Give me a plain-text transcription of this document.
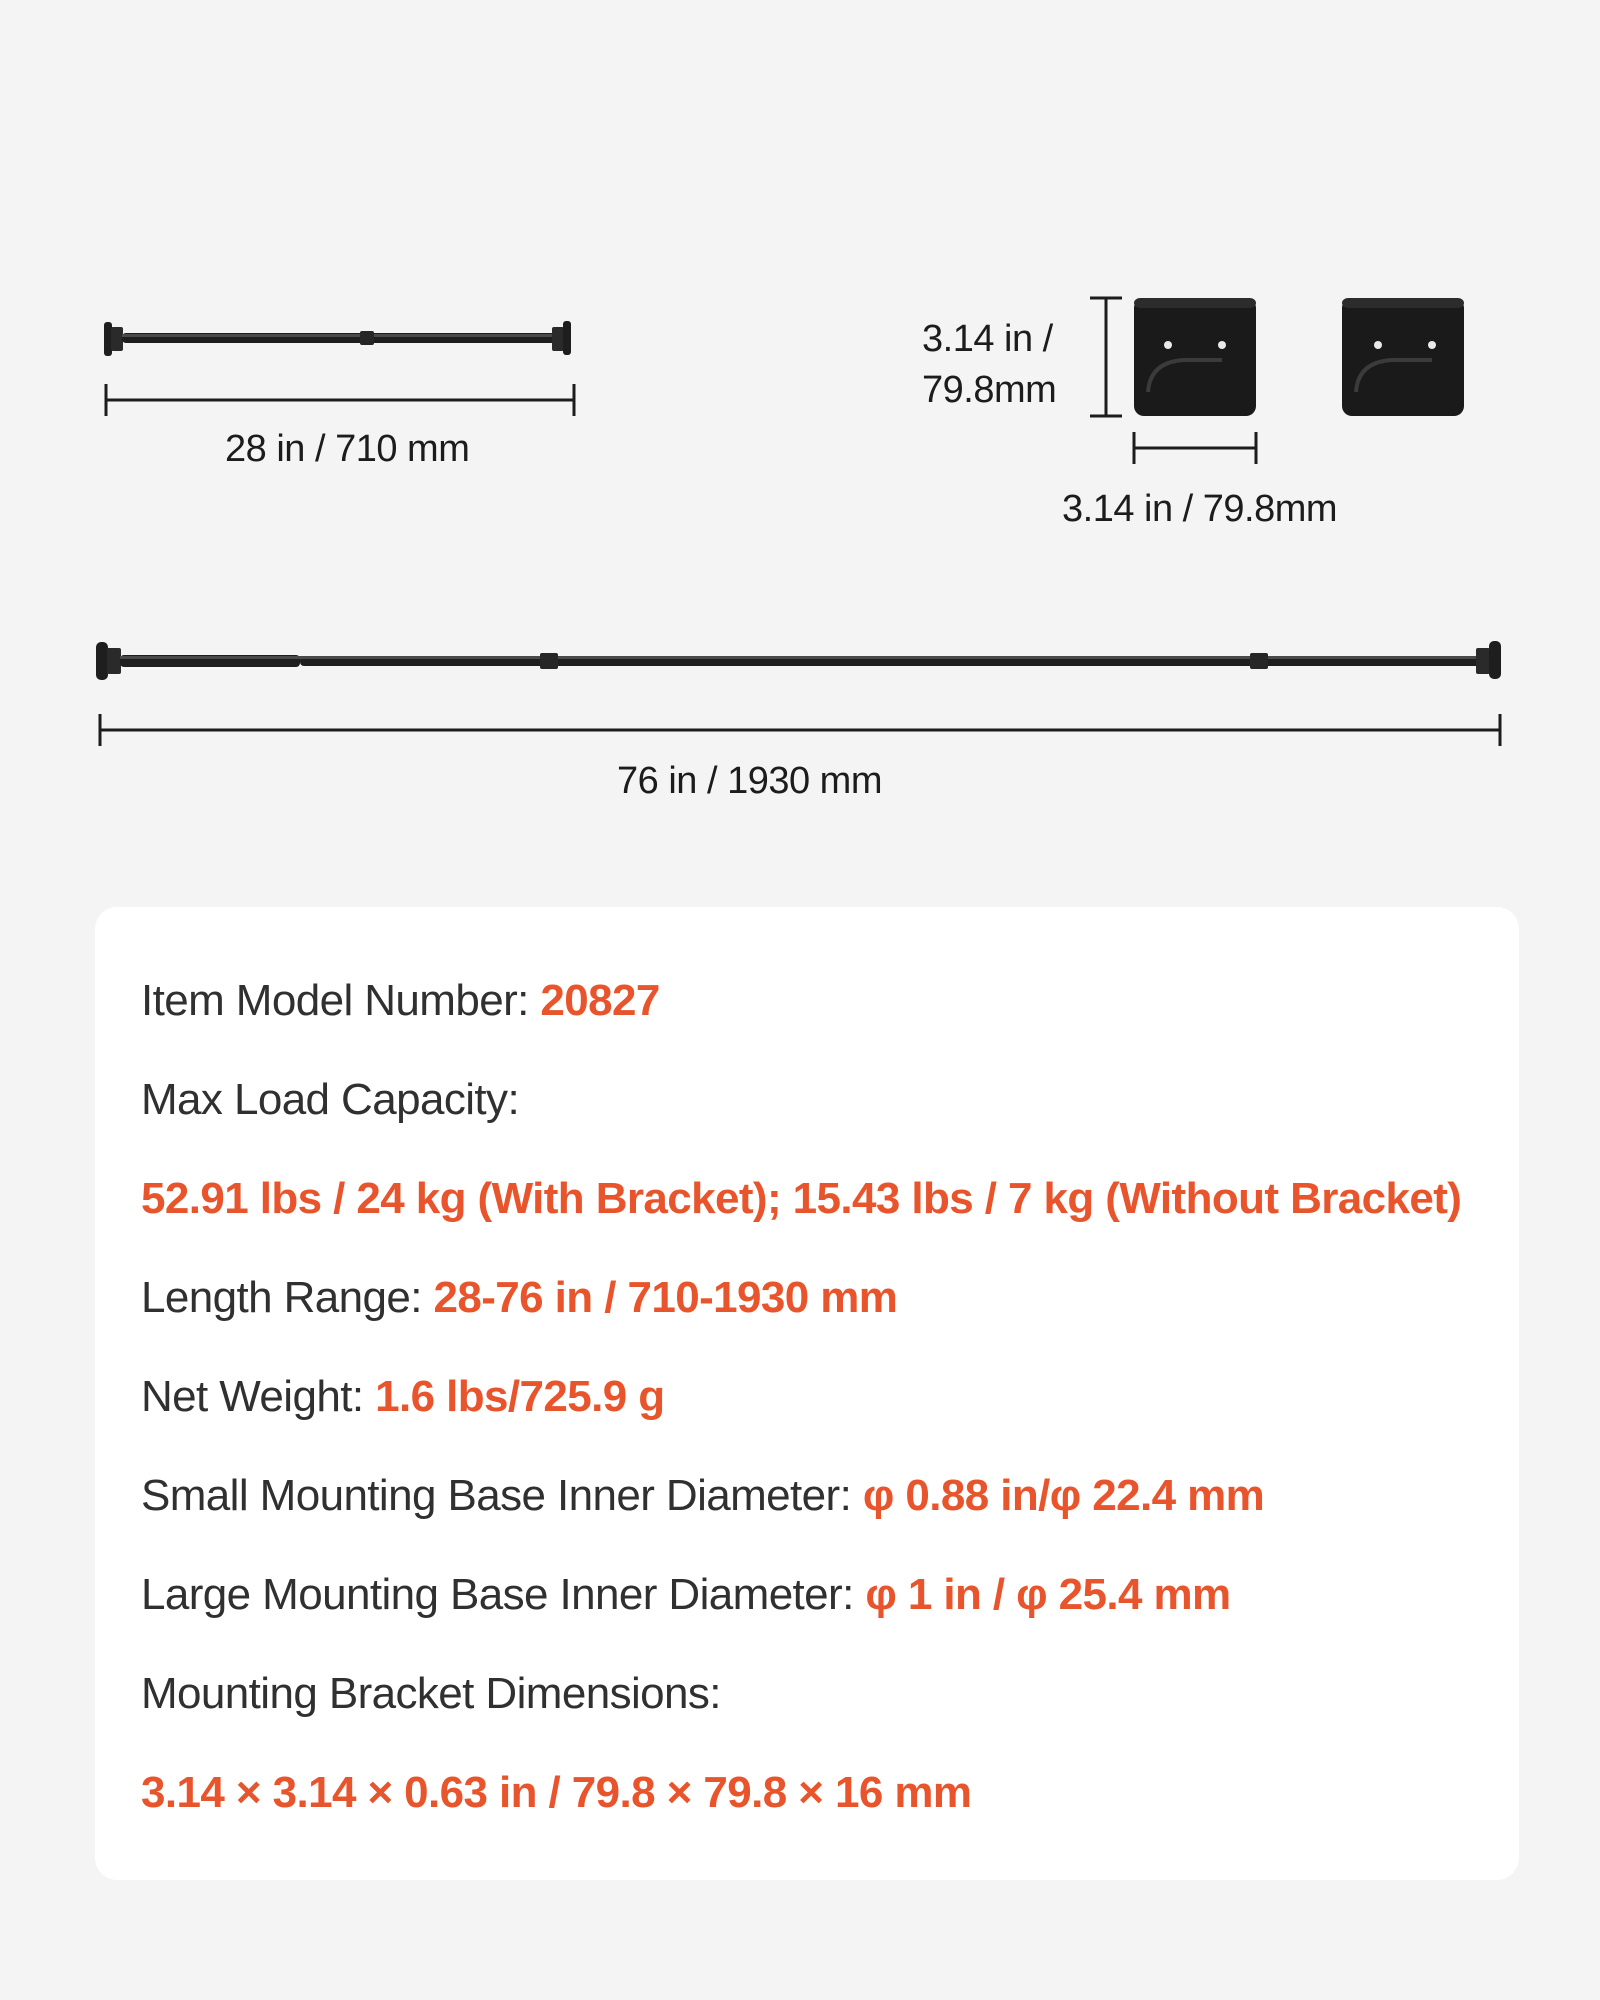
28 in / 710 mm
3.14 in /
79.8mm
3.14 in / 79.8mm
76 in / 1930 mm
Item Model Number: 20827
Max Load Capacity:
52.91 lbs / 24 kg (With Bracket); 15.43 lbs / 7 kg (Without Bracket)
Length Range: 28-76 in / 710-1930 mm
Net Weight: 1.6 lbs/725.9 g
Small Mounting Base Inner Diameter: φ 0.88 in/φ 22.4 mm
Large Mounting Base Inner Diameter: φ 1 in / φ 25.4 mm
Mounting Bracket Dimensions:
3.14 × 3.14 × 0.63 in / 79.8 × 79.8 × 16 mm
